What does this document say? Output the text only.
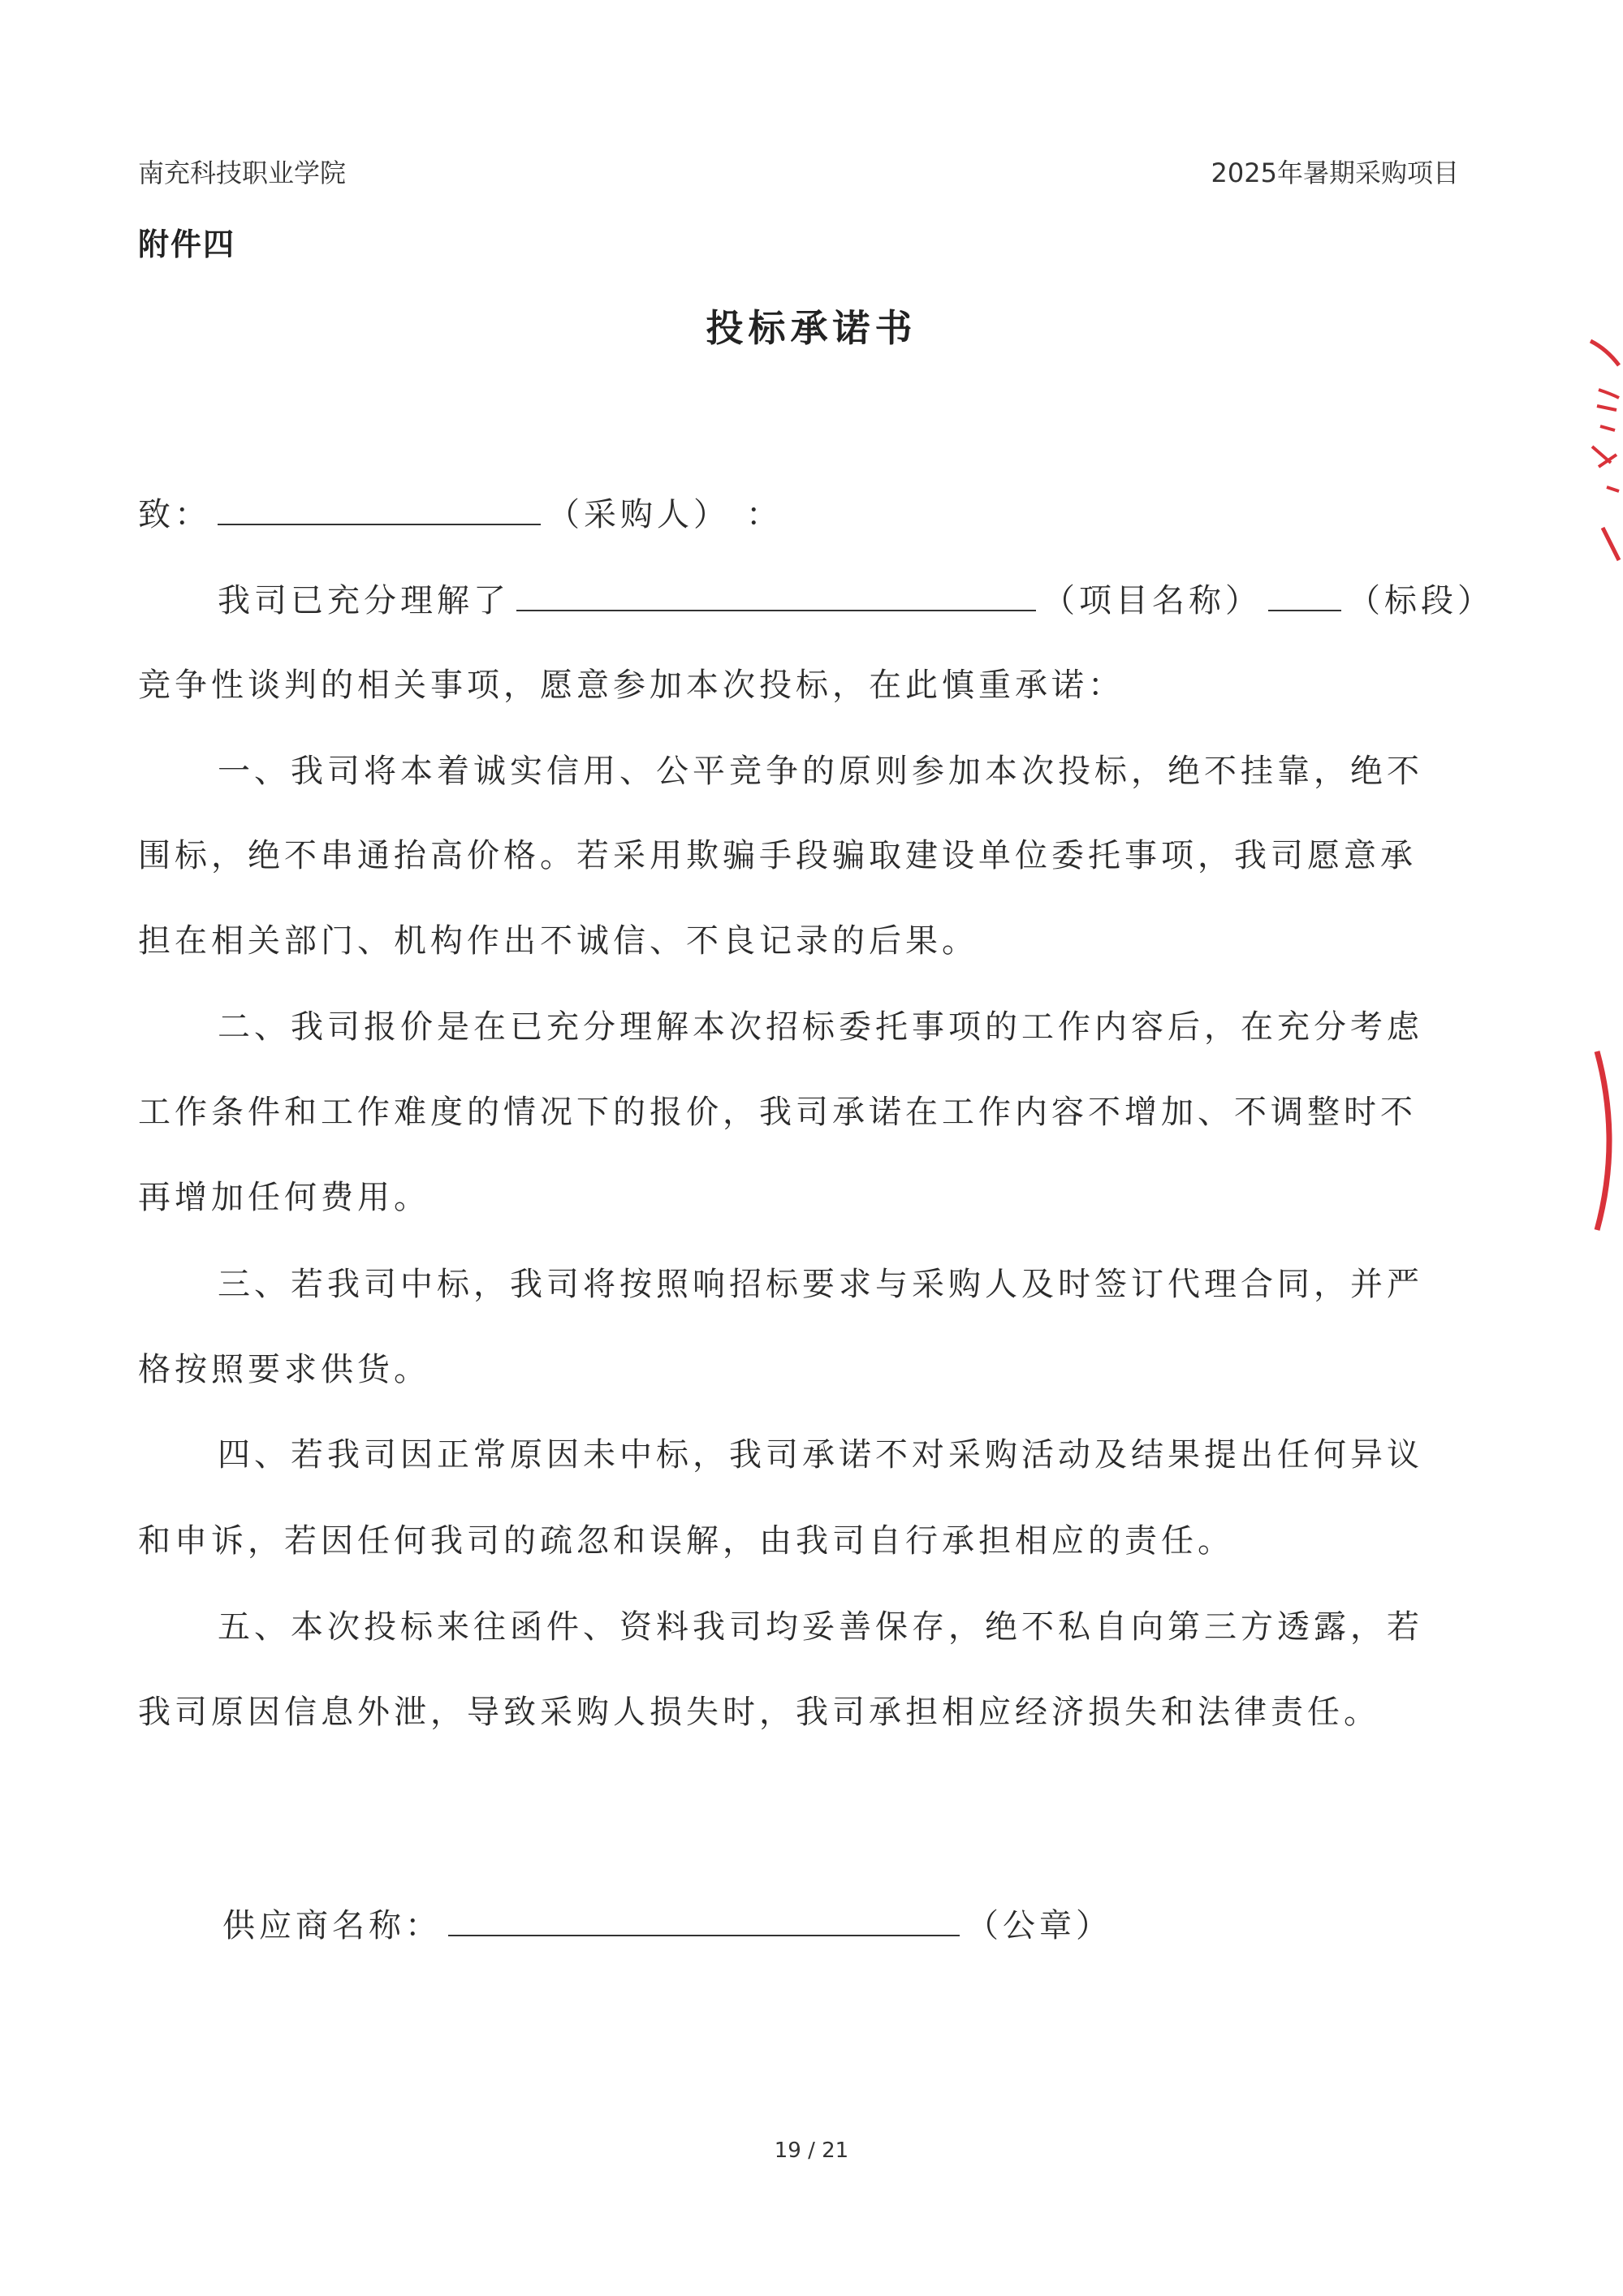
南充科技职业学院	2025年暑期采购项目
附件四
投标承诺书
致：	（采购人） ：
我司已充分理解了	（项目名称）	（标段）
竞争性谈判的相关事项，愿意参加本次投标，在此慎重承诺：
一、我司将本着诚实信用、公平竞争的原则参加本次投标，绝不挂靠，绝不
围标，绝不串通抬高价格。若采用欺骗手段骗取建设单位委托事项，我司愿意承
担在相关部门、机构作出不诚信、不良记录的后果。
二、我司报价是在已充分理解本次招标委托事项的工作内容后，在充分考虑
工作条件和工作难度的情况下的报价，我司承诺在工作内容不增加、不调整时不
再增加任何费用。
三、若我司中标，我司将按照响招标要求与采购人及时签订代理合同，并严
格按照要求供货。
四、若我司因正常原因未中标，我司承诺不对采购活动及结果提出任何异议
和申诉，若因任何我司的疏忽和误解，由我司自行承担相应的责任。
五、本次投标来往函件、资料我司均妥善保存，绝不私自向第三方透露，若
我司原因信息外泄，导致采购人损失时，我司承担相应经济损失和法律责任。
供应商名称：	（公章）
19 / 21
